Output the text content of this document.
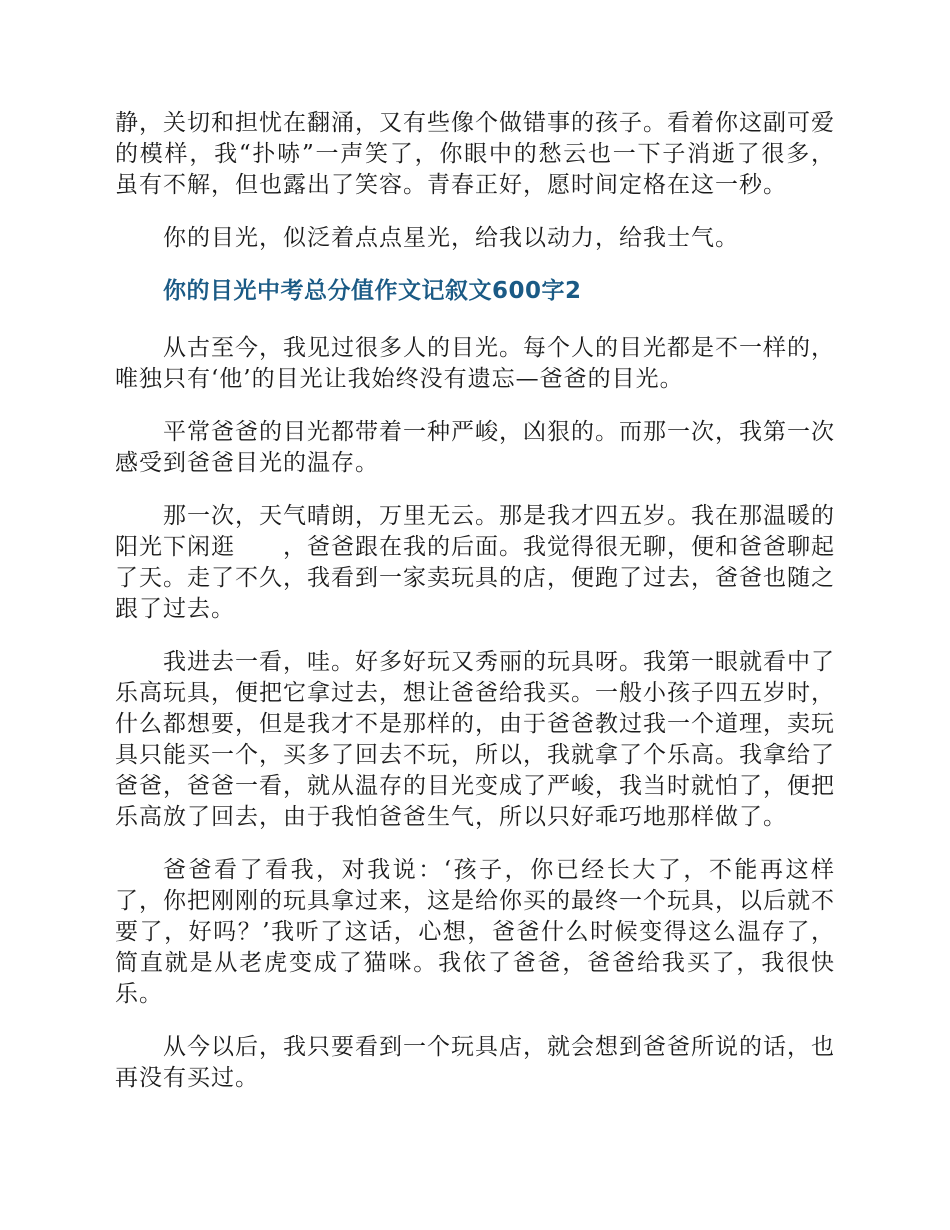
静，关切和担忧在翻涌，又有些像个做错事的孩子。看着你这副可爱的模样，我“扑哧”一声笑了，你眼中的愁云也一下子消逝了很多，虽有不解，但也露出了笑容。青春正好，愿时间定格在这一秒。

你的目光，似泛着点点星光，给我以动力，给我士气。

你的目光中考总分值作文记叙文600字2

从古至今，我见过很多人的目光。每个人的目光都是不一样的，唯独只有‘他’的目光让我始终没有遗忘—爸爸的目光。

平常爸爸的目光都带着一种严峻，凶狠的。而那一次，我第一次感受到爸爸目光的温存。

那一次，天气晴朗，万里无云。那是我才四五岁。我在那温暖的阳光下闲逛　　，爸爸跟在我的后面。我觉得很无聊，便和爸爸聊起了天。走了不久，我看到一家卖玩具的店，便跑了过去，爸爸也随之跟了过去。

我进去一看，哇。好多好玩又秀丽的玩具呀。我第一眼就看中了乐高玩具，便把它拿过去，想让爸爸给我买。一般小孩子四五岁时，什么都想要，但是我才不是那样的，由于爸爸教过我一个道理，卖玩具只能买一个，买多了回去不玩，所以，我就拿了个乐高。我拿给了爸爸，爸爸一看，就从温存的目光变成了严峻，我当时就怕了，便把乐高放了回去，由于我怕爸爸生气，所以只好乖巧地那样做了。

爸爸看了看我，对我说：‘孩子，你已经长大了，不能再这样了，你把刚刚的玩具拿过来，这是给你买的最终一个玩具，以后就不要了，好吗？’我听了这话，心想，爸爸什么时候变得这么温存了，简直就是从老虎变成了猫咪。我依了爸爸，爸爸给我买了，我很快乐。

从今以后，我只要看到一个玩具店，就会想到爸爸所说的话，也再没有买过。
